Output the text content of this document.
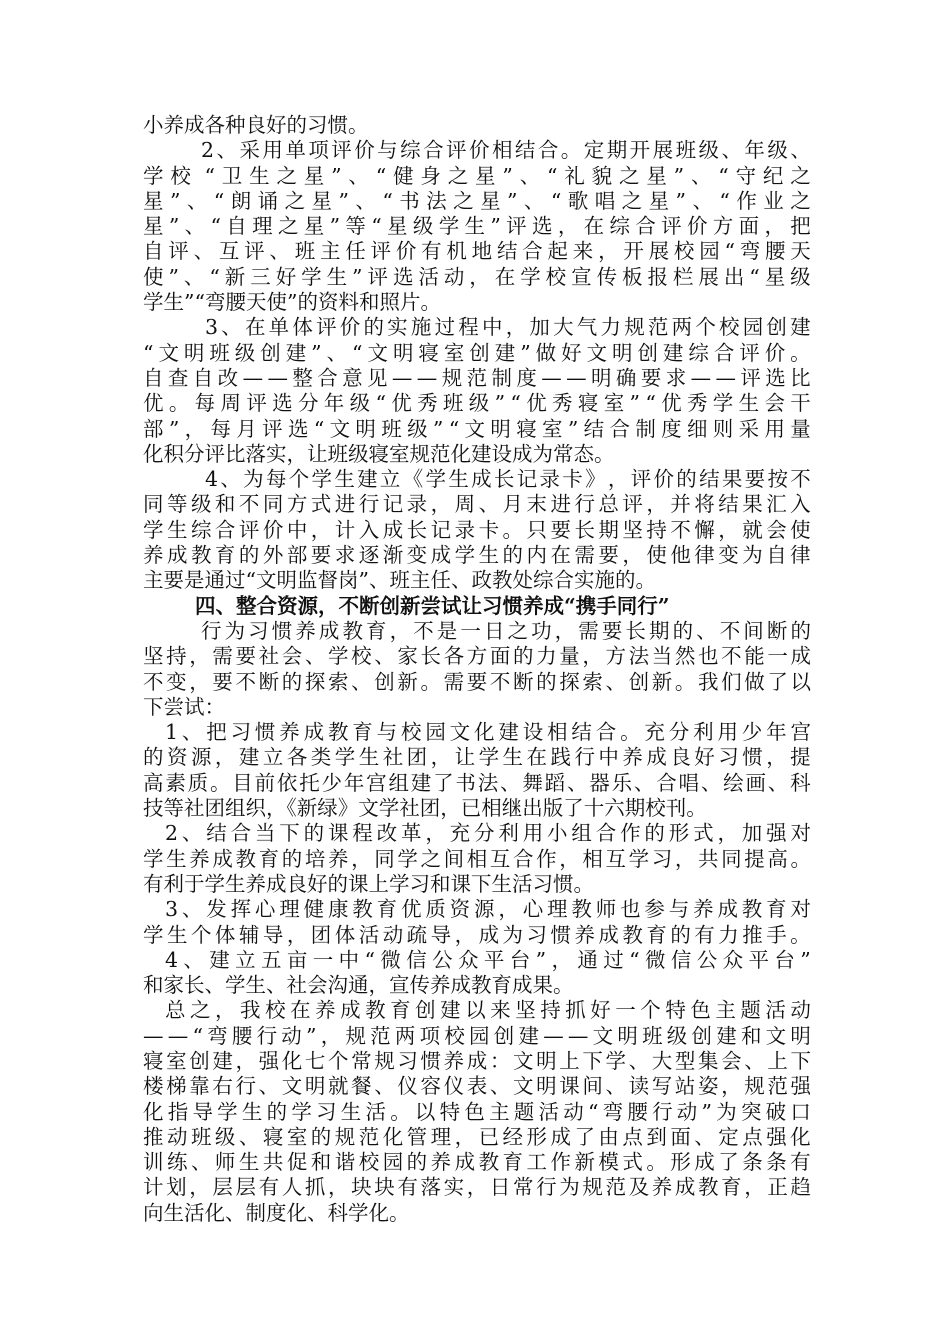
小养成各种良好的习惯。
2 、 采 用 单 项 评 价 与 综 合 评 价 相 结 合 。 定 期 开 展 班 级 、 年 级 、
学 校 “ 卫 生 之 星 ” 、 “ 健 身 之 星 ” 、 “ 礼 貌 之 星 ” 、 “ 守 纪 之
星 ” 、 “ 朗 诵 之 星 ” 、 “ 书 法 之 星 ” 、 “ 歌 唱 之 星 ” 、 “ 作 业 之
星 ” 、 “ 自 理 之 星 ” 等 “ 星 级 学 生 ” 评 选 ， 在 综 合 评 价 方 面 ， 把
自 评 、 互 评 、 班 主 任 评 价 有 机 地 结 合 起 来 ， 开 展 校 园 “ 弯 腰 天
使 ” 、 “ 新 三 好 学 生 ” 评 选 活 动 ， 在 学 校 宣 传 板 报 栏 展 出 “ 星 级
学生”“弯腰天使”的资料和照片。
3 、 在 单 体 评 价 的 实 施 过 程 中 ， 加 大 气 力 规 范 两 个 校 园 创 建
“ 文 明 班 级 创 建 ” 、 “ 文 明 寝 室 创 建 ” 做 好 文 明 创 建 综 合 评 价 。
自 查 自 改 — — 整 合 意 见 — — 规 范 制 度 — — 明 确 要 求 — — 评 选 比
优 。 每 周 评 选 分 年 级 “ 优 秀 班 级 ” “ 优 秀 寝 室 ” “ 优 秀 学 生 会 干
部 ” ， 每 月 评 选 “ 文 明 班 级 ” “ 文 明 寝 室 ” 结 合 制 度 细 则 采 用 量
化积分评比落实，让班级寝室规范化建设成为常态。
4 、 为 每 个 学 生 建 立 《 学 生 成 长 记 录 卡 》 ， 评 价 的 结 果 要 按 不
同 等 级 和 不 同 方 式 进 行 记 录 ， 周 、 月 末 进 行 总 评 ， 并 将 结 果 汇 入
学 生 综 合 评 价 中 ， 计 入 成 长 记 录 卡 。 只 要 长 期 坚 持 不 懈 ， 就 会 使
养 成 教 育 的 外 部 要 求 逐 渐 变 成 学 生 的 内 在 需 要 ， 使 他 律 变 为 自 律
主要是通过“文明监督岗”、班主任、政教处综合实施的。
四、整合资源，不断创新尝试让习惯养成“携手同行”
行 为 习 惯 养 成 教 育 ， 不 是 一 日 之 功 ， 需 要 长 期 的 、 不 间 断 的
坚 持 ， 需 要 社 会 、 学 校 、 家 长 各 方 面 的 力 量 ， 方 法 当 然 也 不 能 一 成
不 变 ， 要 不 断 的 探 索 、 创 新 。 需 要 不 断 的 探 索 、 创 新 。 我 们 做 了 以
下尝试：
1 、 把 习 惯 养 成 教 育 与 校 园 文 化 建 设 相 结 合 。 充 分 利 用 少 年 宫
的 资 源 ， 建 立 各 类 学 生 社 团 ， 让 学 生 在 践 行 中 养 成 良 好 习 惯 ， 提
高 素 质 。 目 前 依 托 少 年 宫 组 建 了 书 法 、 舞 蹈 、 器 乐 、 合 唱 、 绘 画 、 科
技等社团组织，《新绿》文学社团，已相继出版了十六期校刊。
2 、 结 合 当 下 的 课 程 改 革 ， 充 分 利 用 小 组 合 作 的 形 式 ， 加 强 对
学 生 养 成 教 育 的 培 养 ， 同 学 之 间 相 互 合 作 ， 相 互 学 习 ， 共 同 提 高 。
有利于学生养成良好的课上学习和课下生活习惯。
3 、 发 挥 心 理 健 康 教 育 优 质 资 源 ， 心 理 教 师 也 参 与 养 成 教 育 对
学 生 个 体 辅 导 ， 团 体 活 动 疏 导 ， 成 为 习 惯 养 成 教 育 的 有 力 推 手 。
4 、 建 立 五 亩 一 中 “ 微 信 公 众 平 台 ” ， 通 过 “ 微 信 公 众 平 台 ”
和家长、学生、社会沟通，宣传养成教育成果。
总 之 ， 我 校 在 养 成 教 育 创 建 以 来 坚 持 抓 好 一 个 特 色 主 题 活 动
— — “ 弯 腰 行 动 ” ， 规 范 两 项 校 园 创 建 — — 文 明 班 级 创 建 和 文 明
寝 室 创 建 ， 强 化 七 个 常 规 习 惯 养 成 ： 文 明 上 下 学 、 大 型 集 会 、 上 下
楼 梯 靠 右 行 、 文 明 就 餐 、 仪 容 仪 表 、 文 明 课 间 、 读 写 站 姿 ， 规 范 强
化 指 导 学 生 的 学 习 生 活 。 以 特 色 主 题 活 动 “ 弯 腰 行 动 ” 为 突 破 口
推 动 班 级 、 寝 室 的 规 范 化 管 理 ， 已 经 形 成 了 由 点 到 面 、 定 点 强 化
训 练 、 师 生 共 促 和 谐 校 园 的 养 成 教 育 工 作 新 模 式 。 形 成 了 条 条 有
计 划 ， 层 层 有 人 抓 ， 块 块 有 落 实 ， 日 常 行 为 规 范 及 养 成 教 育 ， 正 趋
向生活化、制度化、科学化。
